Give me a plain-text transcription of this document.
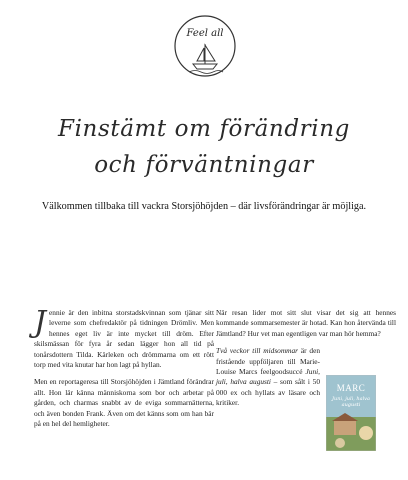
Feel all
Finstämt om förändring
och förväntningar

Välkommen tillbaka till vackra Storsjöhöjden – där livsförändringar är möjliga.

Jennie är den inbitna storstadskvinnan som tjänar sitt leverne som chefredaktör på tidningen Drömliv. Men hennes eget liv är inte mycket till dröm. Efter skilsmässan för fyra år sedan lägger hon all tid på tonårsdottern Tilda. Kärleken och drömmarna om ett rött torp med vita knutar har hon lagt på hyllan.

Men en reportageresa till Storsjöhöjden i Jämtland förändrar allt. Hon lär känna människorna som bor och arbetar på gården, och charmas snabbt av de eviga sommarnätterna, och även bonden Frank. Även om det känns som om han bär på en hel del hemligheter.

När resan lider mot sitt slut visar det sig att hennes kommande sommarsemester är hotad. Kan hon återvända till Jämtland? Hur vet man egentligen var man hör hemma?

Två veckor till midsommar är den fristående uppföljaren till Marie-Louise Marcs feelgoodsuccé Juni, juli, halva augusti – som sålt i 50 000 ex och hyllats av läsare och kritiker.

MARC
Juni, juli, halva augusti
